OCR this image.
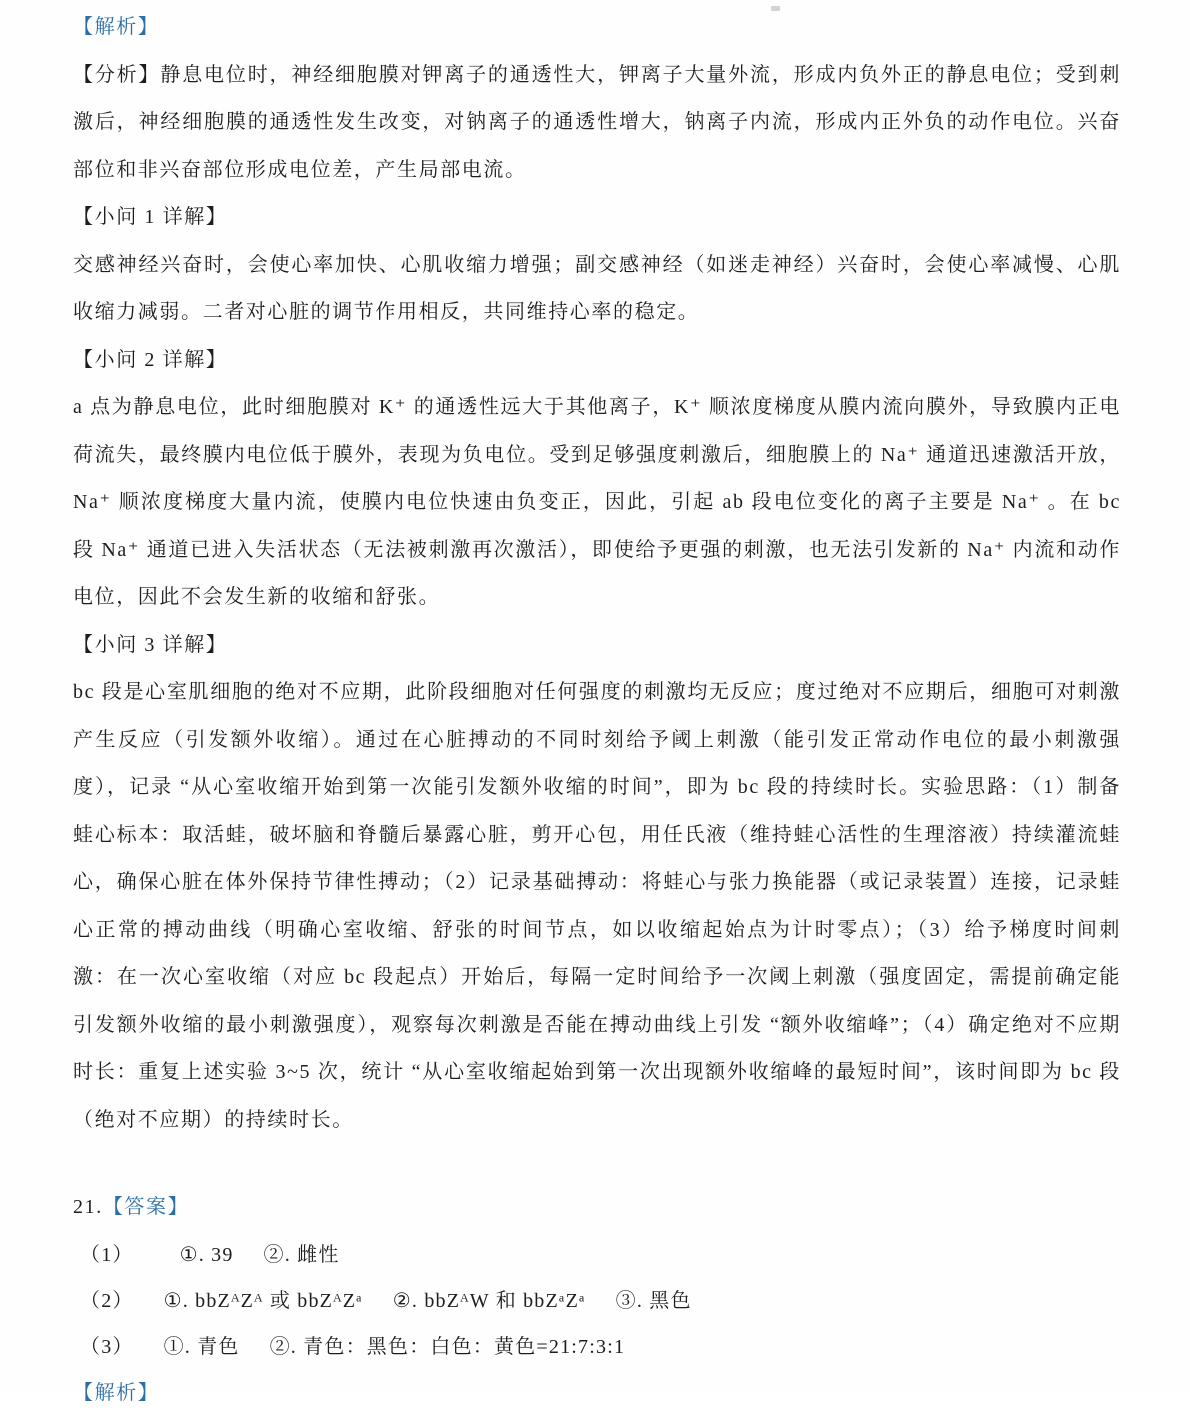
【解析】

【分析】静息电位时，神经细胞膜对钾离子的通透性大，钾离子大量外流，形成内负外正的静息电位；受到刺激后，神经细胞膜的通透性发生改变，对钠离子的通透性增大，钠离子内流，形成内正外负的动作电位。兴奋部位和非兴奋部位形成电位差，产生局部电流。

【小问 1 详解】

交感神经兴奋时，会使心率加快、心肌收缩力增强；副交感神经（如迷走神经）兴奋时，会使心率减慢、心肌收缩力减弱。二者对心脏的调节作用相反，共同维持心率的稳定。

【小问 2 详解】

a 点为静息电位，此时细胞膜对 K⁺ 的通透性远大于其他离子，K⁺ 顺浓度梯度从膜内流向膜外，导致膜内正电荷流失，最终膜内电位低于膜外，表现为负电位。受到足够强度刺激后，细胞膜上的 Na⁺ 通道迅速激活开放，Na⁺ 顺浓度梯度大量内流，使膜内电位快速由负变正，因此，引起 ab 段电位变化的离子主要是 Na⁺ 。在 bc 段 Na⁺ 通道已进入失活状态（无法被刺激再次激活），即使给予更强的刺激，也无法引发新的 Na⁺ 内流和动作电位，因此不会发生新的收缩和舒张。

【小问 3 详解】

bc 段是心室肌细胞的绝对不应期，此阶段细胞对任何强度的刺激均无反应；度过绝对不应期后，细胞可对刺激产生反应（引发额外收缩）。通过在心脏搏动的不同时刻给予阈上刺激（能引发正常动作电位的最小刺激强度），记录 “从心室收缩开始到第一次能引发额外收缩的时间”，即为 bc 段的持续时长。实验思路：（1）制备蛙心标本：取活蛙，破坏脑和脊髓后暴露心脏，剪开心包，用任氏液（维持蛙心活性的生理溶液）持续灌流蛙心，确保心脏在体外保持节律性搏动；（2）记录基础搏动：将蛙心与张力换能器（或记录装置）连接，记录蛙心正常的搏动曲线（明确心室收缩、舒张的时间节点，如以收缩起始点为计时零点）；（3）给予梯度时间刺激：在一次心室收缩（对应 bc 段起点）开始后，每隔一定时间给予一次阈上刺激（强度固定，需提前确定能引发额外收缩的最小刺激强度），观察每次刺激是否能在搏动曲线上引发 “额外收缩峰”；（4）确定绝对不应期时长：重复上述实验 3~5 次，统计 “从心室收缩起始到第一次出现额外收缩峰的最短时间”，该时间即为 bc 段（绝对不应期）的持续时长。

21.【答案】

（1） ①. 39 ②. 雌性

（2） ①. bbZᴬZᴬ 或 bbZᴬZᵃ ②. bbZᴬW 和 bbZᵃZᵃ ③. 黑色

（3） ①. 青色 ②. 青色：黑色：白色：黄色=21:7:3:1

【解析】
